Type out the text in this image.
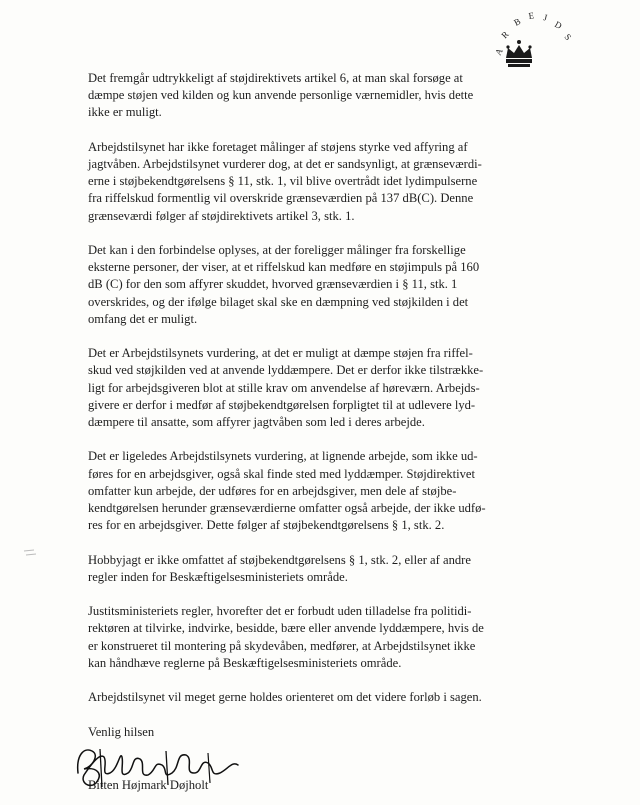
A
R
B
E J
D
S

Det fremgår udtrykkeligt af støjdirektivets artikel 6, at man skal forsøge at
dæmpe støjen ved kilden og kun anvende personlige værnemidler, hvis dette
ikke er muligt.

Arbejdstilsynet har ikke foretaget målinger af støjens styrke ved affyring af
jagtvåben. Arbejdstilsynet vurderer dog, at det er sandsynligt, at grænseværdi-
erne i støjbekendtgørelsens § 11, stk. 1, vil blive overtrådt idet lydimpulserne
fra riffelskud formentlig vil overskride grænseværdien på 137 dB(C). Denne
grænseværdi følger af støjdirektivets artikel 3, stk. 1.

Det kan i den forbindelse oplyses, at der foreligger målinger fra forskellige
eksterne personer, der viser, at et riffelskud kan medføre en støjimpuls på 160
dB (C) for den som affyrer skuddet, hvorved grænseværdien i § 11, stk. 1
overskrides, og der ifølge bilaget skal ske en dæmpning ved støjkilden i det
omfang det er muligt.

Det er Arbejdstilsynets vurdering, at det er muligt at dæmpe støjen fra riffel-
skud ved støjkilden ved at anvende lyddæmpere. Det er derfor ikke tilstrække-
ligt for arbejdsgiveren blot at stille krav om anvendelse af høreværn. Arbejds-
givere er derfor i medfør af støjbekendtgørelsen forpligtet til at udlevere lyd-
dæmpere til ansatte, som affyrer jagtvåben som led i deres arbejde.

Det er ligeledes Arbejdstilsynets vurdering, at lignende arbejde, som ikke ud-
føres for en arbejdsgiver, også skal finde sted med lyddæmper. Støjdirektivet
omfatter kun arbejde, der udføres for en arbejdsgiver, men dele af støjbe-
kendtgørelsen herunder grænseværdierne omfatter også arbejde, der ikke udfø-
res for en arbejdsgiver. Dette følger af støjbekendtgørelsens § 1, stk. 2.

Hobbyjagt er ikke omfattet af støjbekendtgørelsens § 1, stk. 2, eller af andre
regler inden for Beskæftigelsesministeriets område.

Justitsministeriets regler, hvorefter det er forbudt uden tilladelse fra politidi-
rektøren at tilvirke, indvirke, besidde, bære eller anvende lyddæmpere, hvis de
er konstrueret til montering på skydevåben, medfører, at Arbejdstilsynet ikke
kan håndhæve reglerne på Beskæftigelsesministeriets område.

Arbejdstilsynet vil meget gerne holdes orienteret om det videre forløb i sagen.

Venlig hilsen
Bitten Højmark Døjholt
